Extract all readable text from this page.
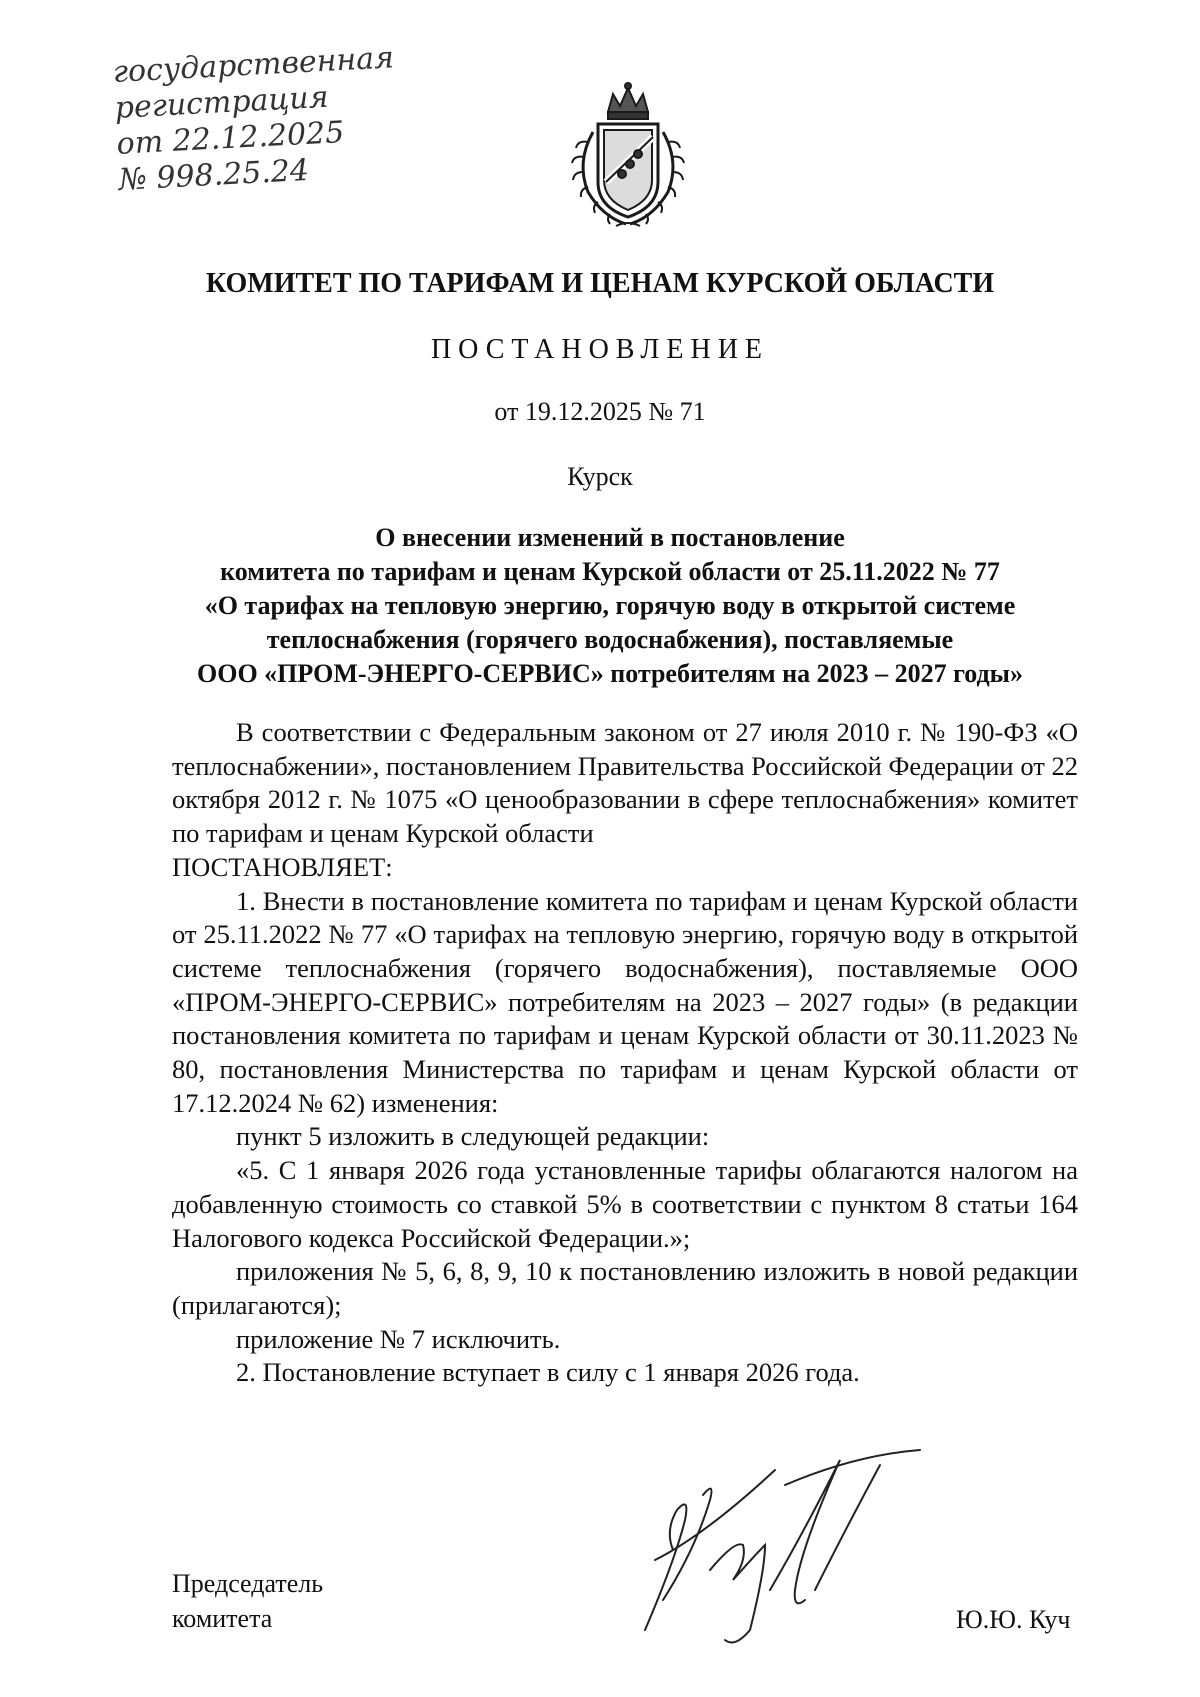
государственная
регистрация
от 22.12.2025
№ 998.25.24
КОМИТЕТ ПО ТАРИФАМ И ЦЕНАМ КУРСКОЙ ОБЛАСТИ
ПОСТАНОВЛЕНИЕ
от 19.12.2025 № 71
Курск
О внесении изменений в постановление
комитета по тарифам и ценам Курской области от 25.11.2022 № 77
«О тарифах на тепловую энергию, горячую воду в открытой системе
теплоснабжения (горячего водоснабжения), поставляемые
ООО «ПРОМ-ЭНЕРГО-СЕРВИС» потребителям на 2023 – 2027 годы»

В соответствии с Федеральным законом от 27 июля 2010 г. № 190-ФЗ «О теплоснабжении», постановлением Правительства Российской Федерации от 22 октября 2012 г. № 1075 «О ценообразовании в сфере теплоснабжения» комитет по тарифам и ценам Курской области

ПОСТАНОВЛЯЕТ:

1. Внести в постановление комитета по тарифам и ценам Курской области от 25.11.2022 № 77 «О тарифах на тепловую энергию, горячую воду в открытой системе теплоснабжения (горячего водоснабжения), поставляемые ООО «ПРОМ-ЭНЕРГО-СЕРВИС» потребителям на 2023 – 2027 годы» (в редакции постановления комитета по тарифам и ценам Курской области от 30.11.2023 № 80, постановления Министерства по тарифам и ценам Курской области от 17.12.2024 № 62) изменения:

пункт 5 изложить в следующей редакции:

«5. С 1 января 2026 года установленные тарифы облагаются налогом на добавленную стоимость со ставкой 5% в соответствии с пунктом 8 статьи 164 Налогового кодекса Российской Федерации.»;

приложения № 5, 6, 8, 9, 10 к постановлению изложить в новой редакции (прилагаются);

приложение № 7 исключить.

2. Постановление вступает в силу с 1 января 2026 года.

Председатель
комитета	Ю.Ю. Куч
